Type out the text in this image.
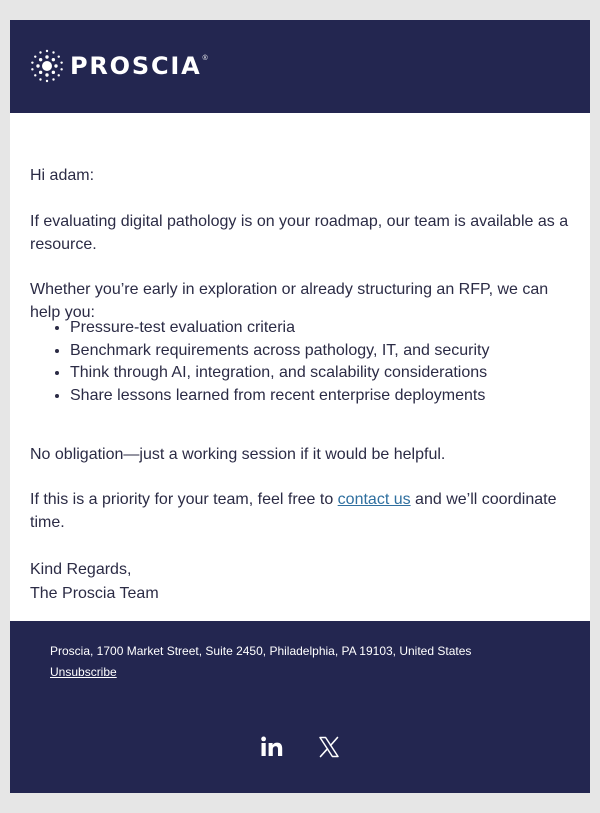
PROSCIA ®

Hi adam:

If evaluating digital pathology is on your roadmap, our team is available as a resource.

Whether you’re early in exploration or already structuring an RFP, we can help you:

• Pressure-test evaluation criteria
• Benchmark requirements across pathology, IT, and security
• Think through AI, integration, and scalability considerations
• Share lessons learned from recent enterprise deployments

No obligation—just a working session if it would be helpful.

If this is a priority for your team, feel free to contact us and we’ll coordinate time.

Kind Regards,

The Proscia Team

Proscia, 1700 Market Street, Suite 2450, Philadelphia, PA 19103, United States
Unsubscribe
